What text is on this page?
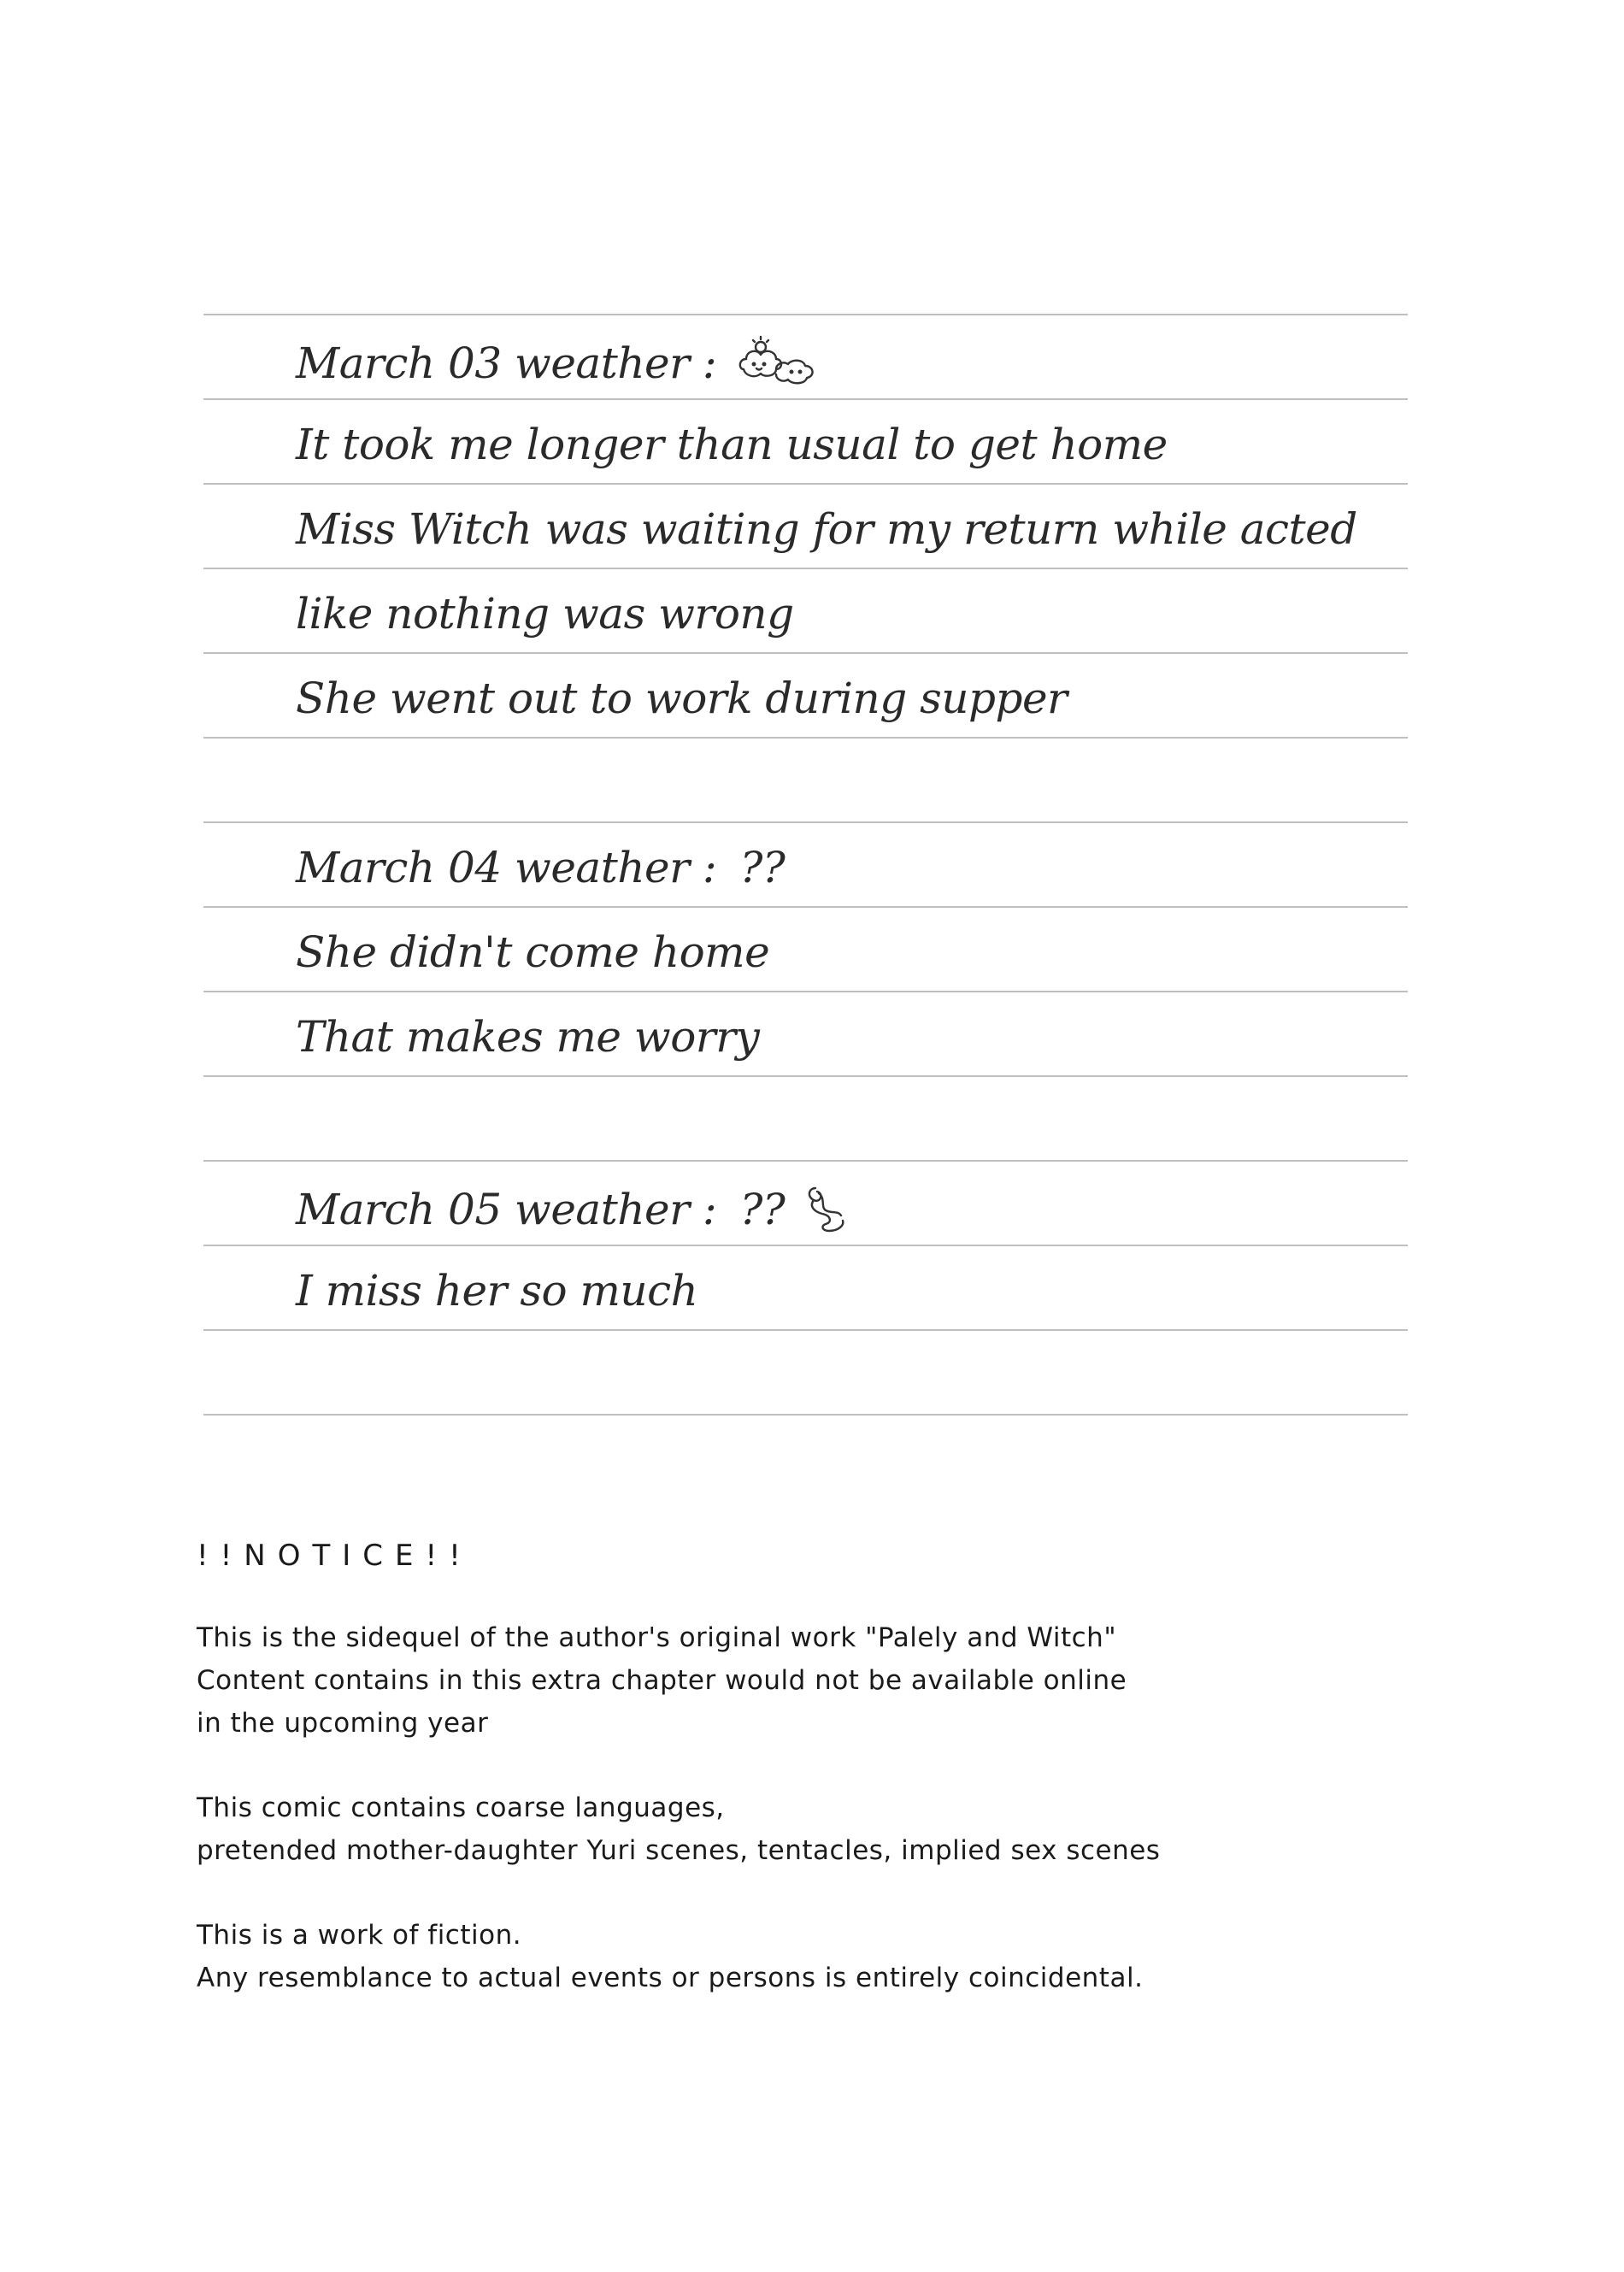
March 03 weather :
It took me longer than usual to get home
Miss Witch was waiting for my return while acted
like nothing was wrong
She went out to work during supper
March 04 weather : ??
She didn't come home
That makes me worry
March 05 weather : ??
I miss her so much
!!NOTICE!!
This is the sidequel of the author's original work "Palely and Witch"
Content contains in this extra chapter would not be available online
in the upcoming year
This comic contains coarse languages,
pretended mother-daughter Yuri scenes, tentacles, implied sex scenes
This is a work of fiction.
Any resemblance to actual events or persons is entirely coincidental.
